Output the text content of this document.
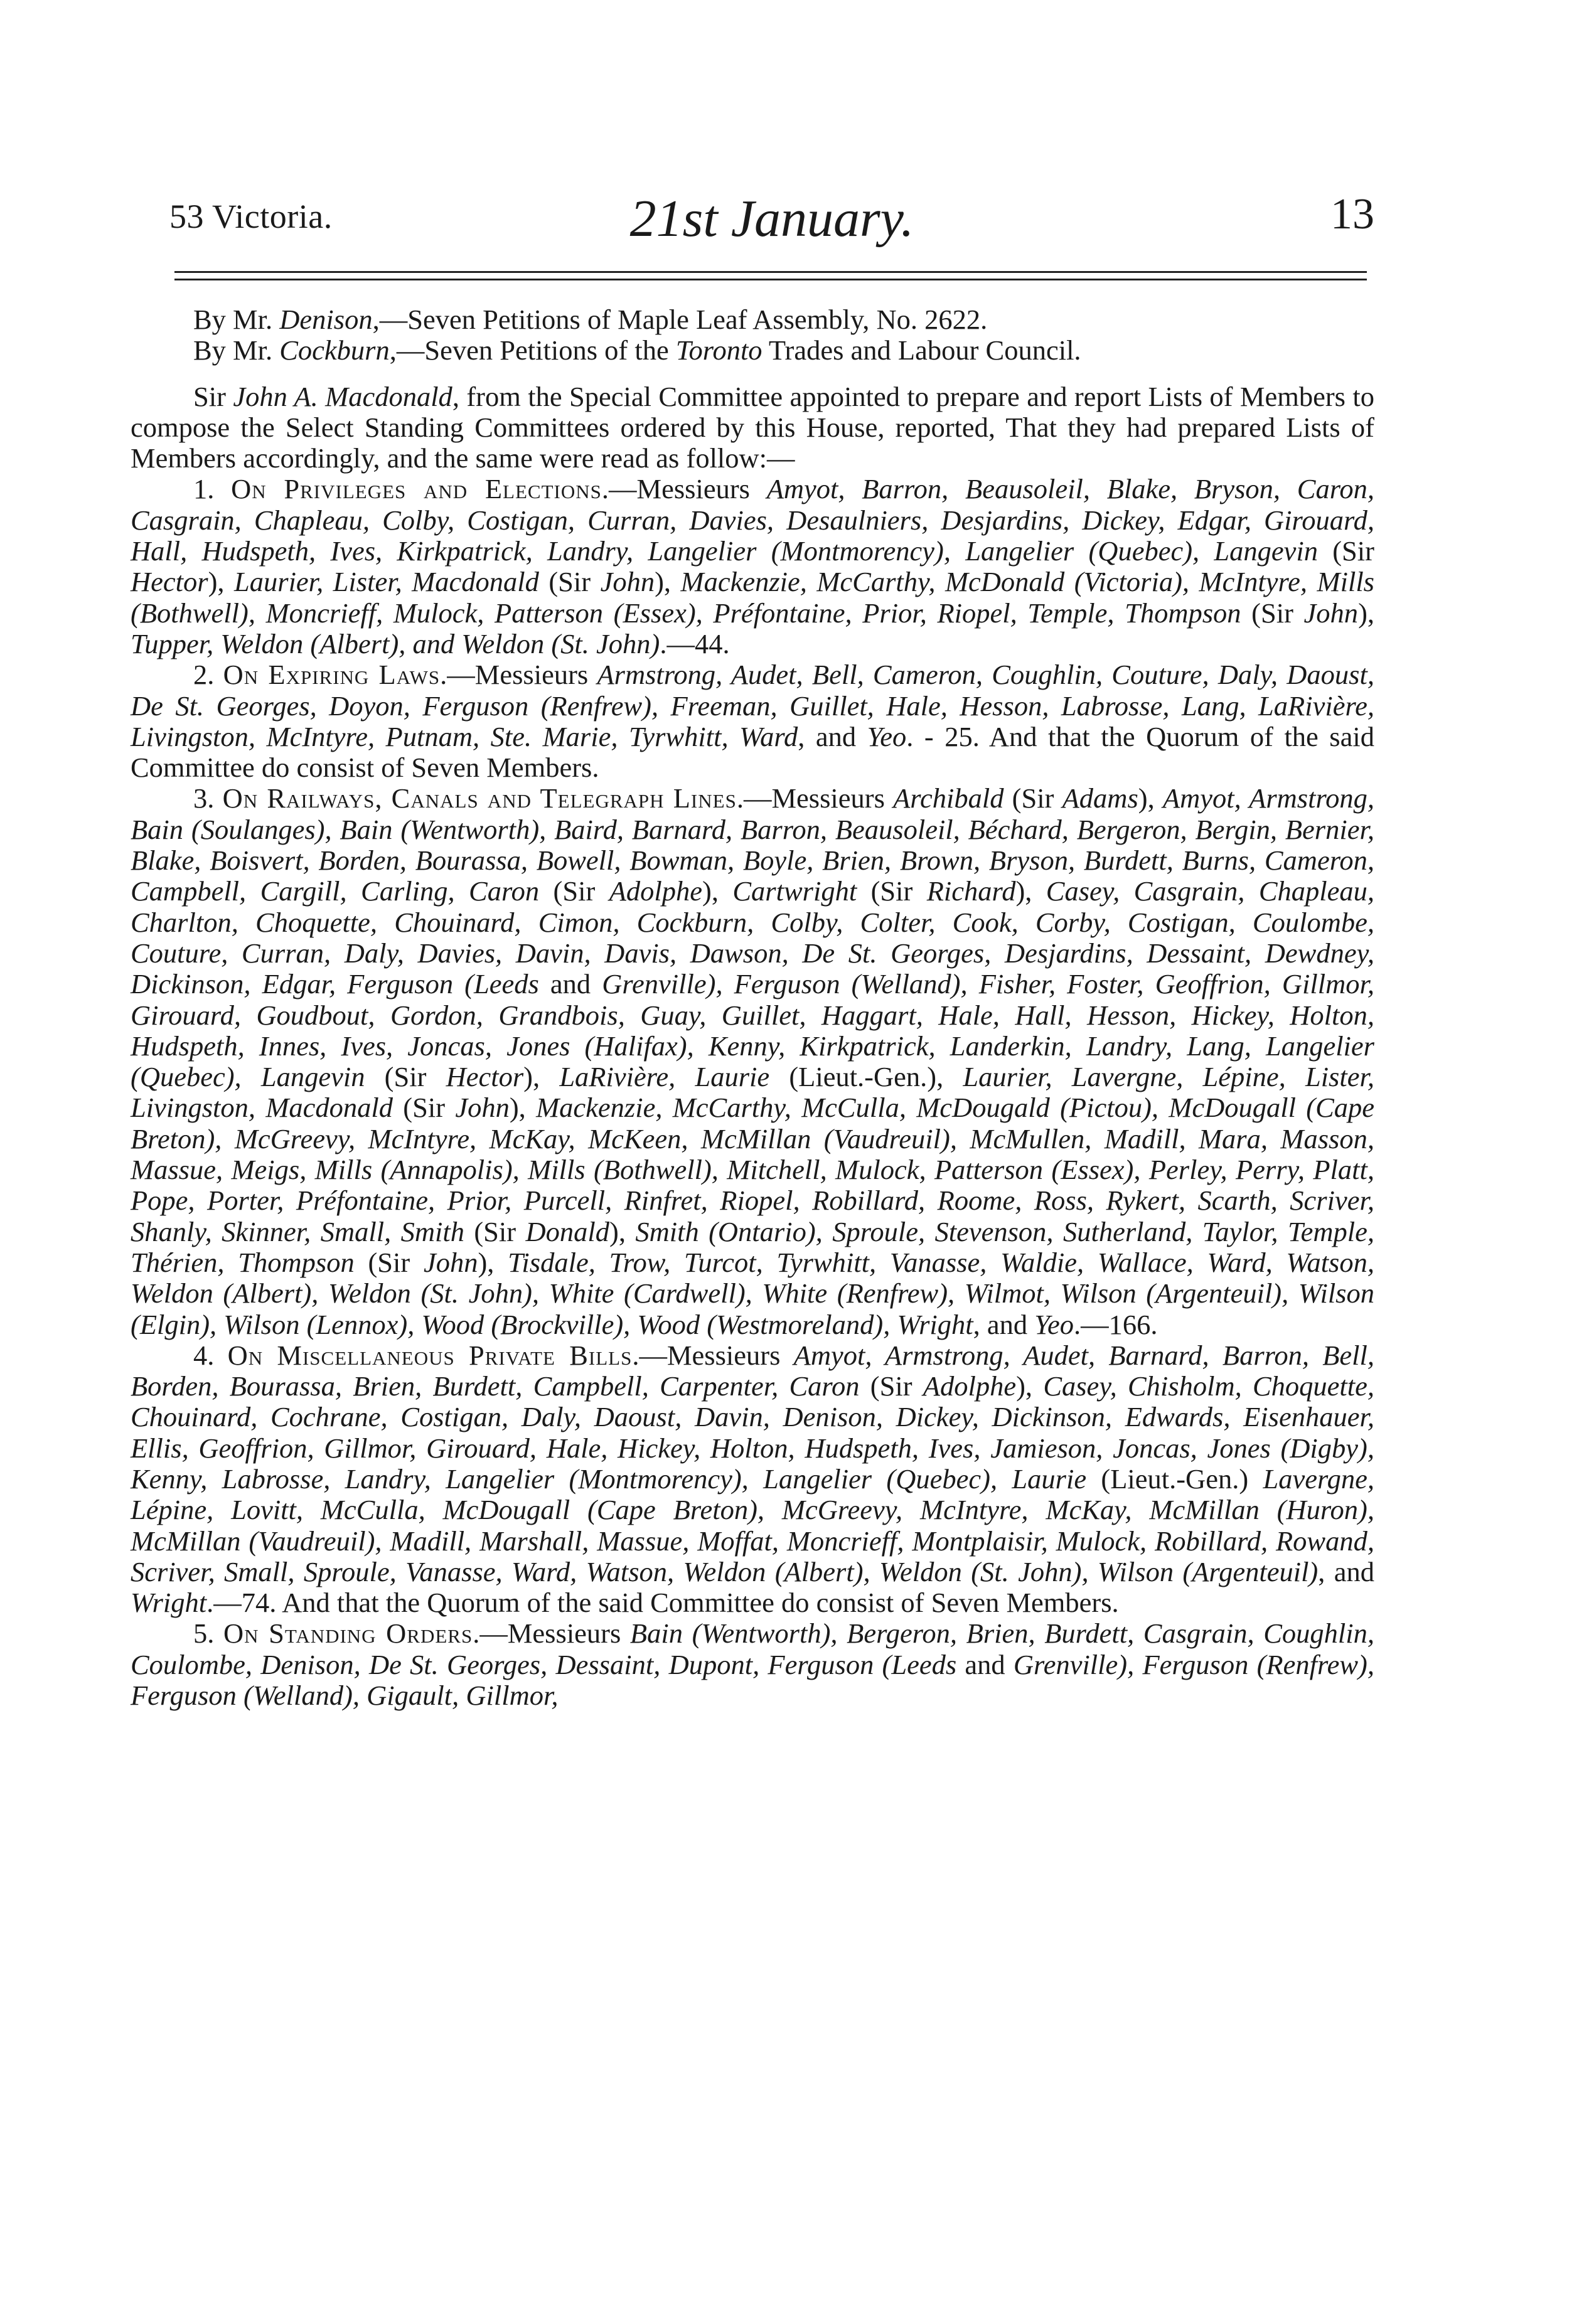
53 Victoria.	21st January.	13

By Mr. Denison,—Seven Petitions of Maple Leaf Assembly, No. 2622.

By Mr. Cockburn,—Seven Petitions of the Toronto Trades and Labour Council.

Sir John A. Macdonald, from the Special Committee appointed to prepare and report Lists of Members to compose the Select Standing Committees ordered by this House, reported, That they had prepared Lists of Members accordingly, and the same were read as follow:—

1. On Privileges and Elections.—Messieurs Amyot, Barron, Beausoleil, Blake, Bryson, Caron, Casgrain, Chapleau, Colby, Costigan, Curran, Davies, Desaulniers, Desjardins, Dickey, Edgar, Girouard, Hall, Hudspeth, Ives, Kirkpatrick, Landry, Langelier (Montmorency), Langelier (Quebec), Langevin (Sir Hector), Laurier, Lister, Macdonald (Sir John), Mackenzie, McCarthy, McDonald (Victoria), McIntyre, Mills (Bothwell), Moncrieff, Mulock, Patterson (Essex), Préfontaine, Prior, Riopel, Temple, Thompson (Sir John), Tupper, Weldon (Albert), and Weldon (St. John).—44.

2. On Expiring Laws.—Messieurs Armstrong, Audet, Bell, Cameron, Coughlin, Couture, Daly, Daoust, De St. Georges, Doyon, Ferguson (Renfrew), Freeman, Guillet, Hale, Hesson, Labrosse, Lang, LaRivière, Livingston, McIntyre, Putnam, Ste. Marie, Tyrwhitt, Ward, and Yeo. - 25. And that the Quorum of the said Committee do consist of Seven Members.

3. On Railways, Canals and Telegraph Lines.—Messieurs Archibald (Sir Adams), Amyot, Armstrong, Bain (Soulanges), Bain (Wentworth), Baird, Barnard, Barron, Beausoleil, Béchard, Bergeron, Bergin, Bernier, Blake, Boisvert, Borden, Bourassa, Bowell, Bowman, Boyle, Brien, Brown, Bryson, Burdett, Burns, Cameron, Campbell, Cargill, Carling, Caron (Sir Adolphe), Cartwright (Sir Richard), Casey, Casgrain, Chapleau, Charlton, Choquette, Chouinard, Cimon, Cockburn, Colby, Colter, Cook, Corby, Costigan, Coulombe, Couture, Curran, Daly, Davies, Davin, Davis, Dawson, De St. Georges, Desjardins, Dessaint, Dewdney, Dickinson, Edgar, Ferguson (Leeds and Grenville), Ferguson (Welland), Fisher, Foster, Geoffrion, Gillmor, Girouard, Goudbout, Gordon, Grandbois, Guay, Guillet, Haggart, Hale, Hall, Hesson, Hickey, Holton, Hudspeth, Innes, Ives, Joncas, Jones (Halifax), Kenny, Kirkpatrick, Landerkin, Landry, Lang, Langelier (Quebec), Langevin (Sir Hector), LaRivière, Laurie (Lieut.-Gen.), Laurier, Lavergne, Lépine, Lister, Livingston, Macdonald (Sir John), Mackenzie, McCarthy, McCulla, McDougald (Pictou), McDougall (Cape Breton), McGreevy, McIntyre, McKay, McKeen, McMillan (Vaudreuil), McMullen, Madill, Mara, Masson, Massue, Meigs, Mills (Annapolis), Mills (Bothwell), Mitchell, Mulock, Patterson (Essex), Perley, Perry, Platt, Pope, Porter, Préfontaine, Prior, Purcell, Rinfret, Riopel, Robillard, Roome, Ross, Rykert, Scarth, Scriver, Shanly, Skinner, Small, Smith (Sir Donald), Smith (Ontario), Sproule, Stevenson, Sutherland, Taylor, Temple, Thérien, Thompson (Sir John), Tisdale, Trow, Turcot, Tyrwhitt, Vanasse, Waldie, Wallace, Ward, Watson, Weldon (Albert), Weldon (St. John), White (Cardwell), White (Renfrew), Wilmot, Wilson (Argenteuil), Wilson (Elgin), Wilson (Lennox), Wood (Brockville), Wood (Westmoreland), Wright, and Yeo.—166.

4. On Miscellaneous Private Bills.—Messieurs Amyot, Armstrong, Audet, Barnard, Barron, Bell, Borden, Bourassa, Brien, Burdett, Campbell, Carpenter, Caron (Sir Adolphe), Casey, Chisholm, Choquette, Chouinard, Cochrane, Costigan, Daly, Daoust, Davin, Denison, Dickey, Dickinson, Edwards, Eisenhauer, Ellis, Geoffrion, Gillmor, Girouard, Hale, Hickey, Holton, Hudspeth, Ives, Jamieson, Joncas, Jones (Digby), Kenny, Labrosse, Landry, Langelier (Montmorency), Langelier (Quebec), Laurie (Lieut.-Gen.) Lavergne, Lépine, Lovitt, McCulla, McDougall (Cape Breton), McGreevy, McIntyre, McKay, McMillan (Huron), McMillan (Vaudreuil), Madill, Marshall, Massue, Moffat, Moncrieff, Montplaisir, Mulock, Robillard, Rowand, Scriver, Small, Sproule, Vanasse, Ward, Watson, Weldon (Albert), Weldon (St. John), Wilson (Argenteuil), and Wright.—74. And that the Quorum of the said Committee do consist of Seven Members.

5. On Standing Orders.—Messieurs Bain (Wentworth), Bergeron, Brien, Burdett, Casgrain, Coughlin, Coulombe, Denison, De St. Georges, Dessaint, Dupont, Ferguson (Leeds and Grenville), Ferguson (Renfrew), Ferguson (Welland), Gigault, Gillmor,
